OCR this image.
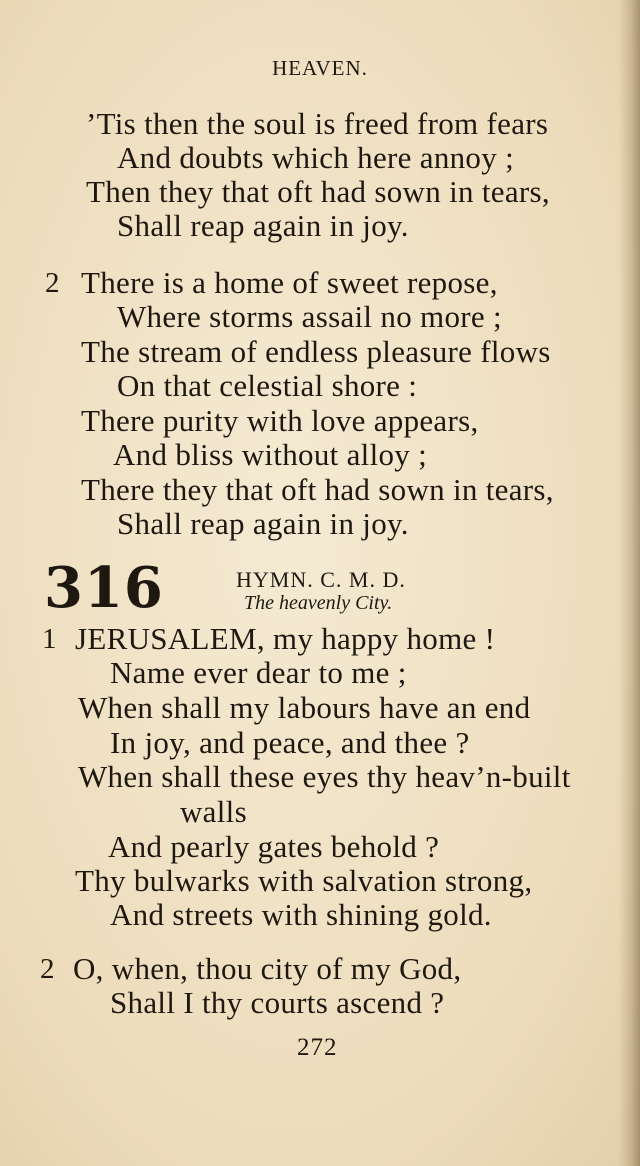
HEAVEN.
’Tis then the soul is freed from fears
And doubts which here annoy ;
Then they that oft had sown in tears,
Shall reap again in joy.
2 There is a home of sweet repose,
Where storms assail no more ;
The stream of endless pleasure flows
On that celestial shore :
There purity with love appears,
And bliss without alloy ;
There they that oft had sown in tears,
Shall reap again in joy.
316	HYMN. C. M. D.
The heavenly City.
1 JERUSALEM, my happy home !
Name ever dear to me ;
When shall my labours have an end
In joy, and peace, and thee ?
When shall these eyes thy heav’n-built
walls
And pearly gates behold ?
Thy bulwarks with salvation strong,
And streets with shining gold.
2 O, when, thou city of my God,
Shall I thy courts ascend ?
272
